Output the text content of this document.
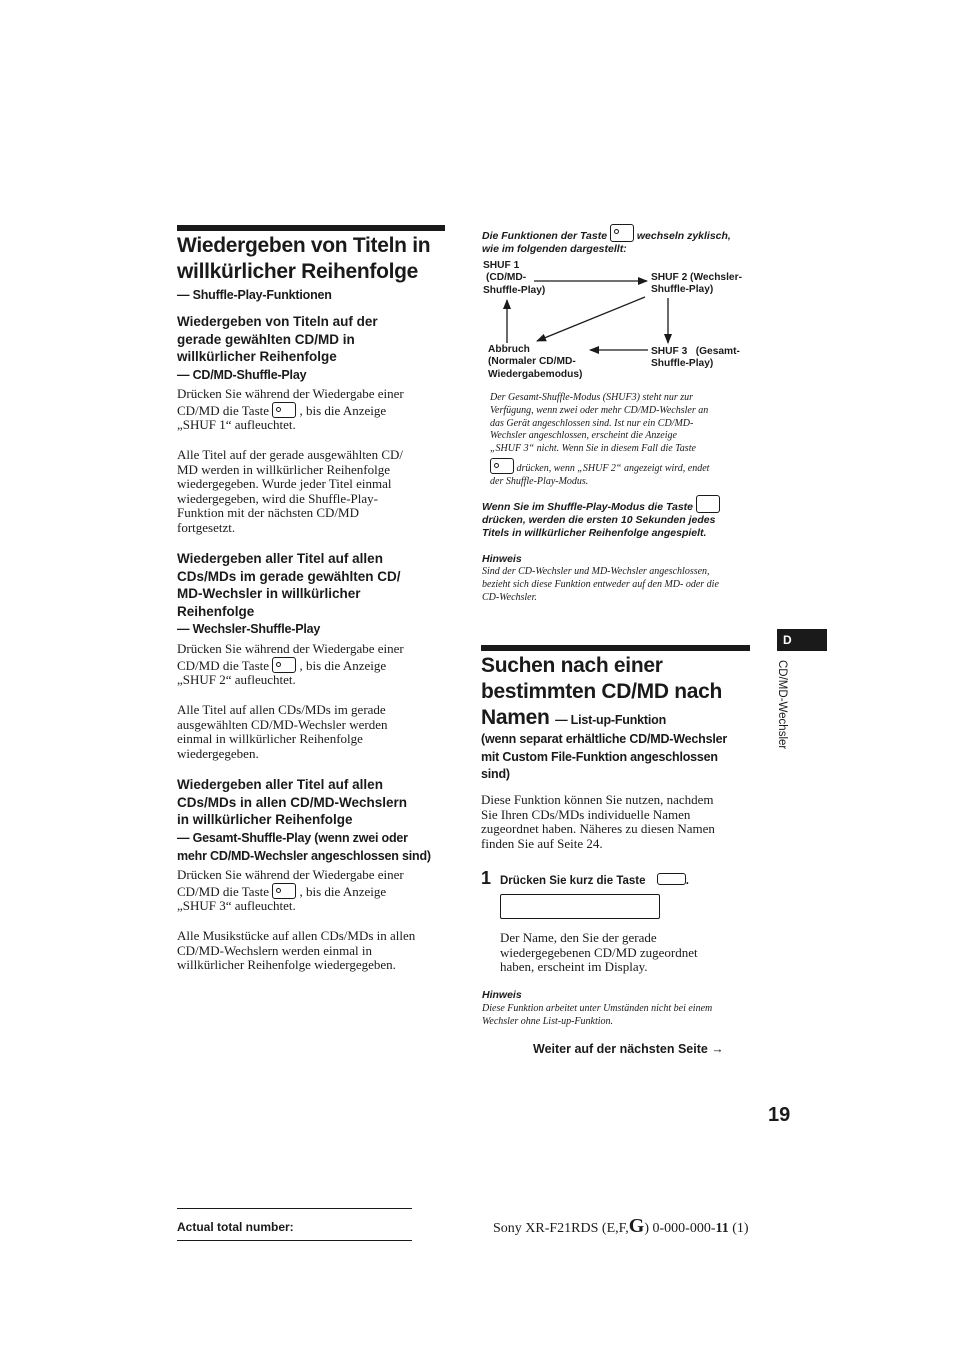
Wiedergeben von Titeln in
willkürlicher Reihenfolge
— Shuffle-Play-Funktionen
Wiedergeben von Titeln auf der
gerade gewählten CD/MD in
willkürlicher Reihenfolge
— CD/MD-Shuffle-Play

Drücken Sie während der Wiedergabe einer

CD/MD die Taste , bis die Anzeige

„SHUF 1“ aufleuchtet.

Alle Titel auf der gerade ausgewählten CD/

MD werden in willkürlicher Reihenfolge

wiedergegeben. Wurde jeder Titel einmal

wiedergegeben, wird die Shuffle-Play-

Funktion mit der nächsten CD/MD

fortgesetzt.

Wiedergeben aller Titel auf allen
CDs/MDs im gerade gewählten CD/
MD-Wechsler in willkürlicher
Reihenfolge
— Wechsler-Shuffle-Play

Drücken Sie während der Wiedergabe einer

CD/MD die Taste , bis die Anzeige

„SHUF 2“ aufleuchtet.

Alle Titel auf allen CDs/MDs im gerade

ausgewählten CD/MD-Wechsler werden

einmal in willkürlicher Reihenfolge

wiedergegeben.

Wiedergeben aller Titel auf allen
CDs/MDs in allen CD/MD-Wechslern
in willkürlicher Reihenfolge
— Gesamt-Shuffle-Play (wenn zwei oder
mehr CD/MD-Wechsler angeschlossen sind)

Drücken Sie während der Wiedergabe einer

CD/MD die Taste , bis die Anzeige

„SHUF 3“ aufleuchtet.

Alle Musikstücke auf allen CDs/MDs in allen

CD/MD-Wechslern werden einmal in

willkürlicher Reihenfolge wiedergegeben.

Die Funktionen der Taste	wechseln zyklisch,
wie im folgenden dargestellt:
SHUF 1
(CD/MD-
Shuffle-Play)
SHUF 2 (Wechsler-
Shuffle-Play)
SHUF 3   (Gesamt-
Shuffle-Play)
Abbruch
(Normaler CD/MD-
Wiedergabemodus)
Der Gesamt-Shuffle-Modus (SHUF3) steht nur zur
Verfügung, wenn zwei oder mehr CD/MD-Wechsler an
das Gerät angeschlossen sind. Ist nur ein CD/MD-
Wechsler angeschlossen, erscheint die Anzeige
„SHUF 3“ nicht. Wenn Sie in diesem Fall die Taste
drücken, wenn „SHUF 2“ angezeigt wird, endet
der Shuffle-Play-Modus.
Wenn Sie im Shuffle-Play-Modus die Taste
drücken, werden die ersten 10 Sekunden jedes
Titels in willkürlicher Reihenfolge angespielt.
Hinweis
Sind der CD-Wechsler und MD-Wechsler angeschlossen,
bezieht sich diese Funktion entweder auf den MD- oder die
CD-Wechsler.
Suchen nach einer
bestimmten CD/MD nach
Namen — List-up-Funktion
(wenn separat erhältliche CD/MD-Wechsler
mit Custom File-Funktion angeschlossen
sind)

Diese Funktion können Sie nutzen, nachdem

Sie Ihren CDs/MDs individuelle Namen

zugeordnet haben. Näheres zu diesen Namen

finden Sie auf Seite 24.

1 Drücken Sie kurz die Taste	.

Der Name, den Sie der gerade

wiedergegebenen CD/MD zugeordnet

haben, erscheint im Display.

Hinweis
Diese Funktion arbeitet unter Umständen nicht bei einem
Wechsler ohne List-up-Funktion.
Weiter auf der nächsten Seite →
D
CD/MD-Wechsler
19
Actual total number:	Sony XR-F21RDS (E,F,G) 0-000-000-11 (1)
